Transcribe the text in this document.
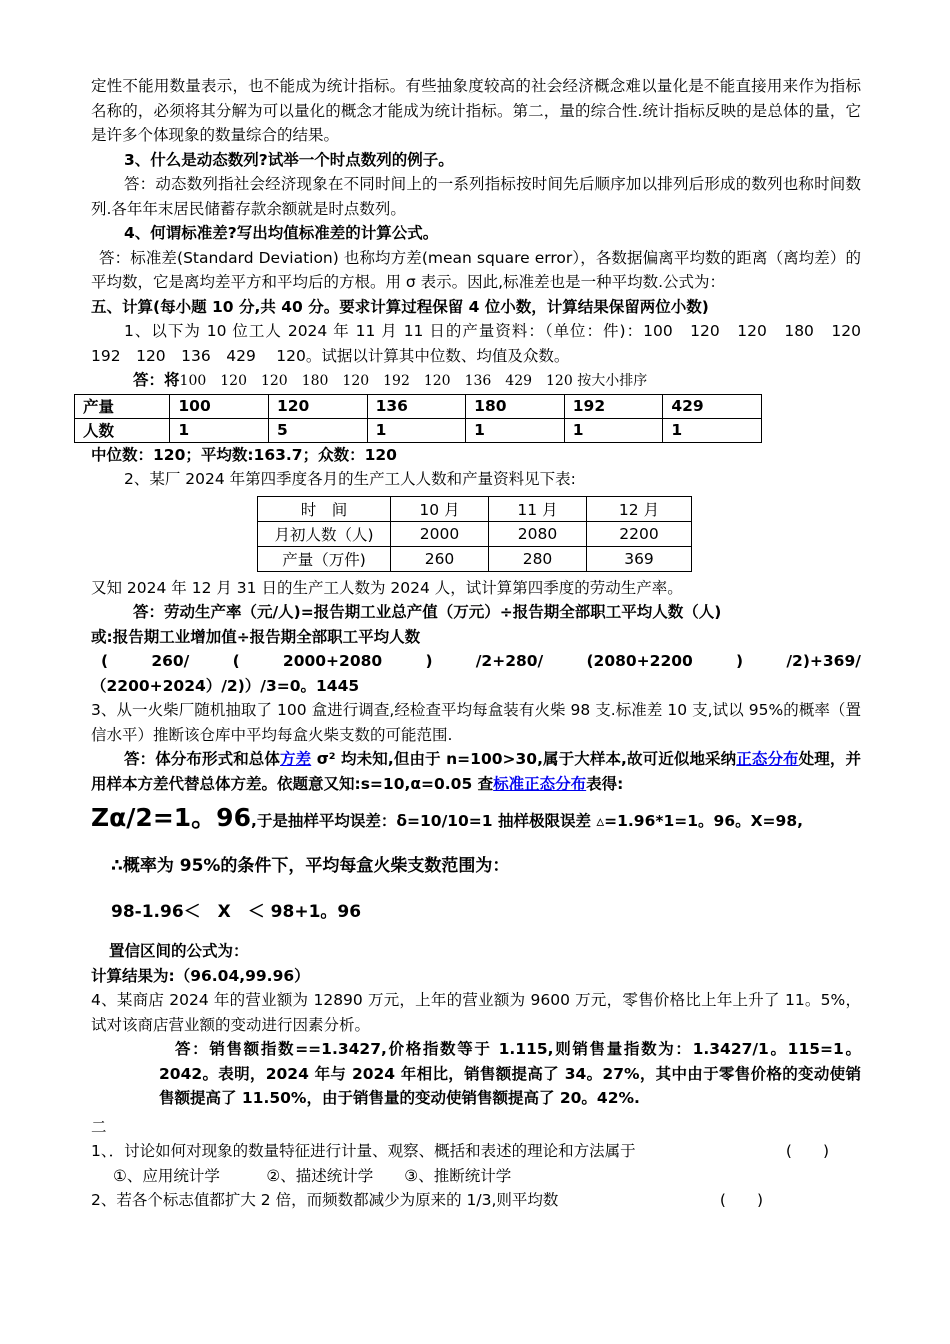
定性不能用数量表示，也不能成为统计指标。有些抽象度较高的社会经济概念难以量化是不能直接用来作为指标名称的，必须将其分解为可以量化的概念才能成为统计指标。第二，量的综合性.统计指标反映的是总体的量，它是许多个体现象的数量综合的结果。

3、什么是动态数列?试举一个时点数列的例子。

答：动态数列指社会经济现象在不同时间上的一系列指标按时间先后顺序加以排列后形成的数列也称时间数列.各年年末居民储蓄存款余额就是时点数列。

4、何谓标准差?写出均值标准差的计算公式。

答：标准差(Standard Deviation) 也称均方差(mean square error），各数据偏离平均数的距离（离均差）的平均数，它是离均差平方和平均后的方根。用 σ 表示。因此,标准差也是一种平均数.公式为：

五、计算(每小题 10 分,共 40 分。要求计算过程保留 4 位小数，计算结果保留两位小数)

1、以下为 10 位工人 2024 年 11 月 11 日的产量资料：（单位：件)：100　120　120　180　120　192　120　136　429　 120。试据以计算其中位数、均值及众数。

答：将100　120　120　180　120　192　120　136　429　120 按大小排序

产量	100	120	136	180	192	429
人数	1	5	1	1	1	1

中位数：120；平均数:163.7；众数：120

2、某厂 2024 年第四季度各月的生产工人人数和产量资料见下表:

时　间	10 月	11 月	12 月
月初人数（人)	2000	2080	2200
产量（万件)	260	280	369

又知 2024 年 12 月 31 日的生产工人数为 2024 人，试计算第四季度的劳动生产率。

答：劳动生产率（元/人)=报告期工业总产值（万元）÷报告期全部职工平均人数（人)

或:报告期工业增加值÷报告期全部职工平均人数

(	260/	(	2000+2080	)	/2+280/	(2080+2200	)	/2)+369/

（2200+2024）/2)）/3=0。1445

3、从一火柴厂随机抽取了 100 盒进行调查,经检查平均每盒装有火柴 98 支.标准差 10 支,试以 95%的概率（置信水平）推断该仓库中平均每盒火柴支数的可能范围.

答：体分布形式和总体方差 σ² 均未知,但由于 n=100>30,属于大样本,故可近似地采纳正态分布处理，并用样本方差代替总体方差。依题意又知:s=10,α=0.05 查标准正态分布表得:

Zα/2=1。96,于是抽样平均误差：δ=10/10=1 抽样极限误差 ▵=1.96*1=1。96。X=98,

∴概率为 95%的条件下，平均每盒火柴支数范围为：

98-1.96＜　X　＜ 98+1。96

置信区间的公式为：

计算结果为:（96.04,99.96）

4、某商店 2024 年的营业额为 12890 万元，上年的营业额为 9600 万元，零售价格比上年上升了 11。5%，试对该商店营业额的变动进行因素分析。

答：销售额指数==1.3427,价格指数等于 1.115,则销售量指数为：1.3427/1。115=1。2042。表明，2024 年与 2024 年相比，销售额提高了 34。27%，其中由于零售价格的变动使销售额提高了 11.50%，由于销售量的变动使销售额提高了 20。42%.

二

1、．讨论如何对现象的数量特征进行计量、观察、概括和表述的理论和方法属于	(　　)

①、应用统计学　　　②、描述统计学　　③、推断统计学

2、若各个标志值都扩大 2 倍，而频数都减少为原来的 1/3,则平均数	(　　)
